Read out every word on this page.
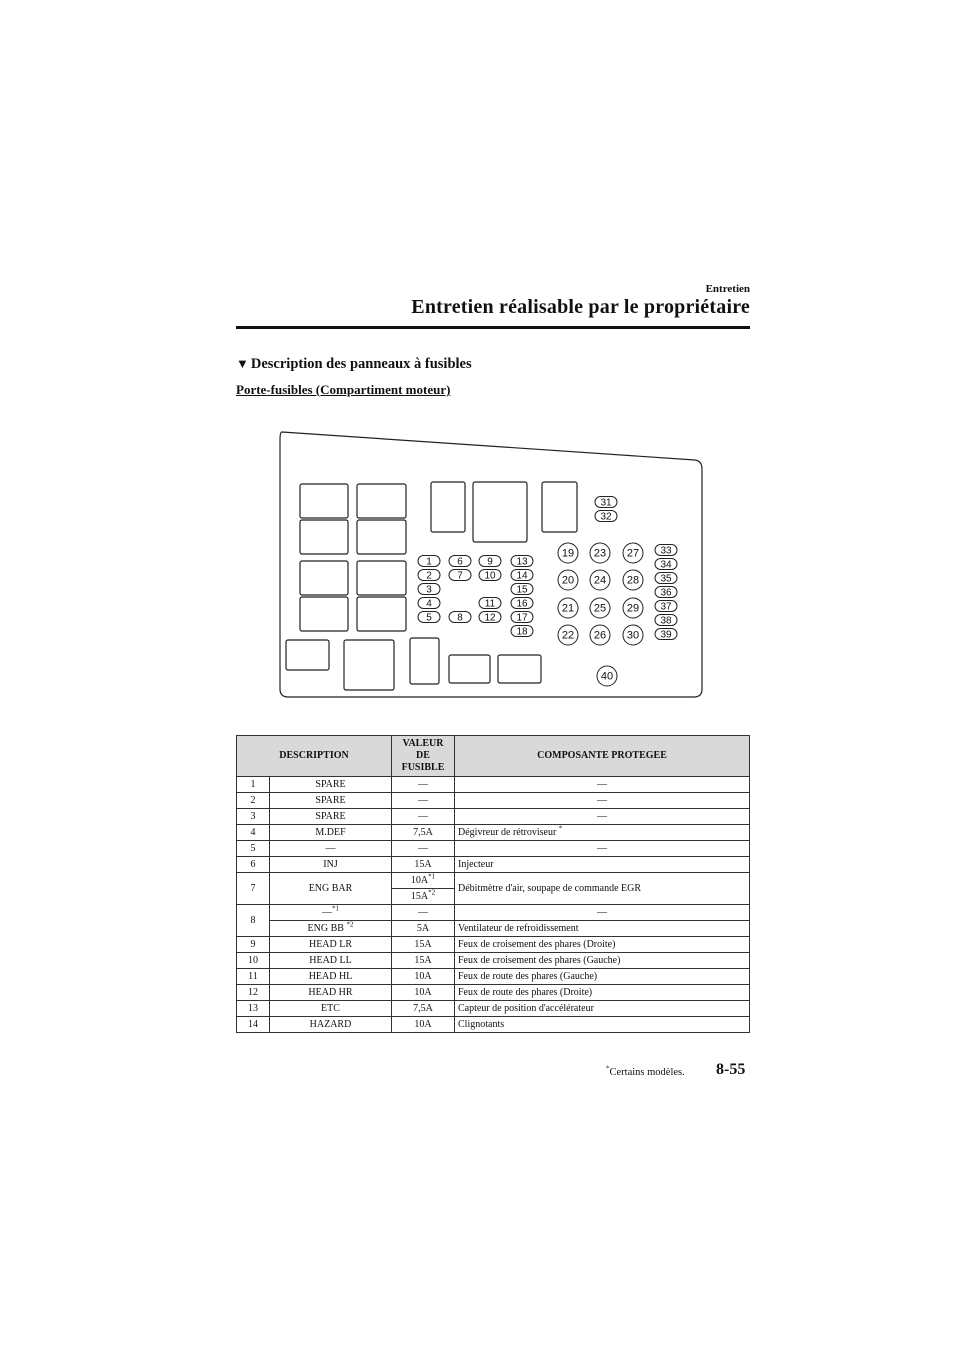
Entretien
Entretien réalisable par le propriétaire
▼ Description des panneaux à fusibles
Porte-fusibles (Compartiment moteur)
1
2
3
4
5
6
7
8
9
10
11
12
13
14
15
16
17
18
19
20
21
22
23
24
25
26
27
28
29
30
31
32
33
34
35
36
37
38
39
40
DESCRIPTION		VALEUR
DE
FUSIBLE	COMPOSANTE PROTEGEE
1	SPARE	—	—
2	SPARE	—	—
3	SPARE	—	—
4	M.DEF	7,5A	Dégivreur de rétroviseur *
5	—	—	—
6	INJ	15A	Injecteur
7	ENG BAR	$10A^{*1}$	Débitmètre d'air, soupape de commande EGR
		$15A^{*2}$
8	—$^{*1}$	—	—
	ENG BB $^{*2}$	5A	Ventilateur de refroidissement
9	HEAD LR	15A	Feux de croisement des phares (Droite)
10	HEAD LL	15A	Feux de croisement des phares (Gauche)
11	HEAD HL	10A	Feux de route des phares (Gauche)
12	HEAD HR	10A	Feux de route des phares (Droite)
13	ETC	7,5A	Capteur de position d'accélérateur
14	HAZARD	10A	Clignotants
*Certains modèles. 8-55
